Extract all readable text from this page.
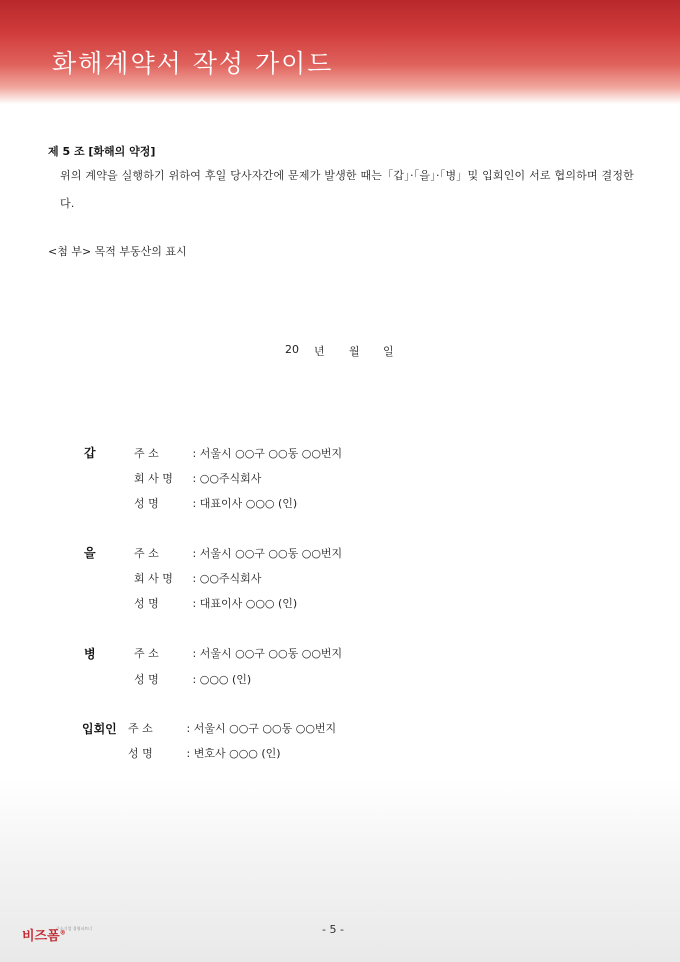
화해계약서 작성 가이드
제 5 조 [화해의 약정]
위의 계약을 실행하기 위하여 후일 당사자간에 문제가 발생한 때는「갑」·「을」·「병」및 입회인이 서로 협의하며 결정한다.
<첨 부> 목적 부동산의 표시
20 년 월 일
갑	주 소	: 서울시 ○○구 ○○동 ○○번지
회 사 명 : ○○주식회사
성 명	: 대표이사 ○○○ (인)
을	주 소	: 서울시 ○○구 ○○동 ○○번지
회 사 명 : ○○주식회사
성 명	: 대표이사 ○○○ (인)
병	주 소	: 서울시 ○○구 ○○동 ○○번지
성 명	: ○○○ (인)
입회인 주 소	: 서울시 ○○구 ○○동 ○○번지
성 명	: 변호사 ○○○ (인)
비즈폼®
중소기업 경영파트너	- 5 -
